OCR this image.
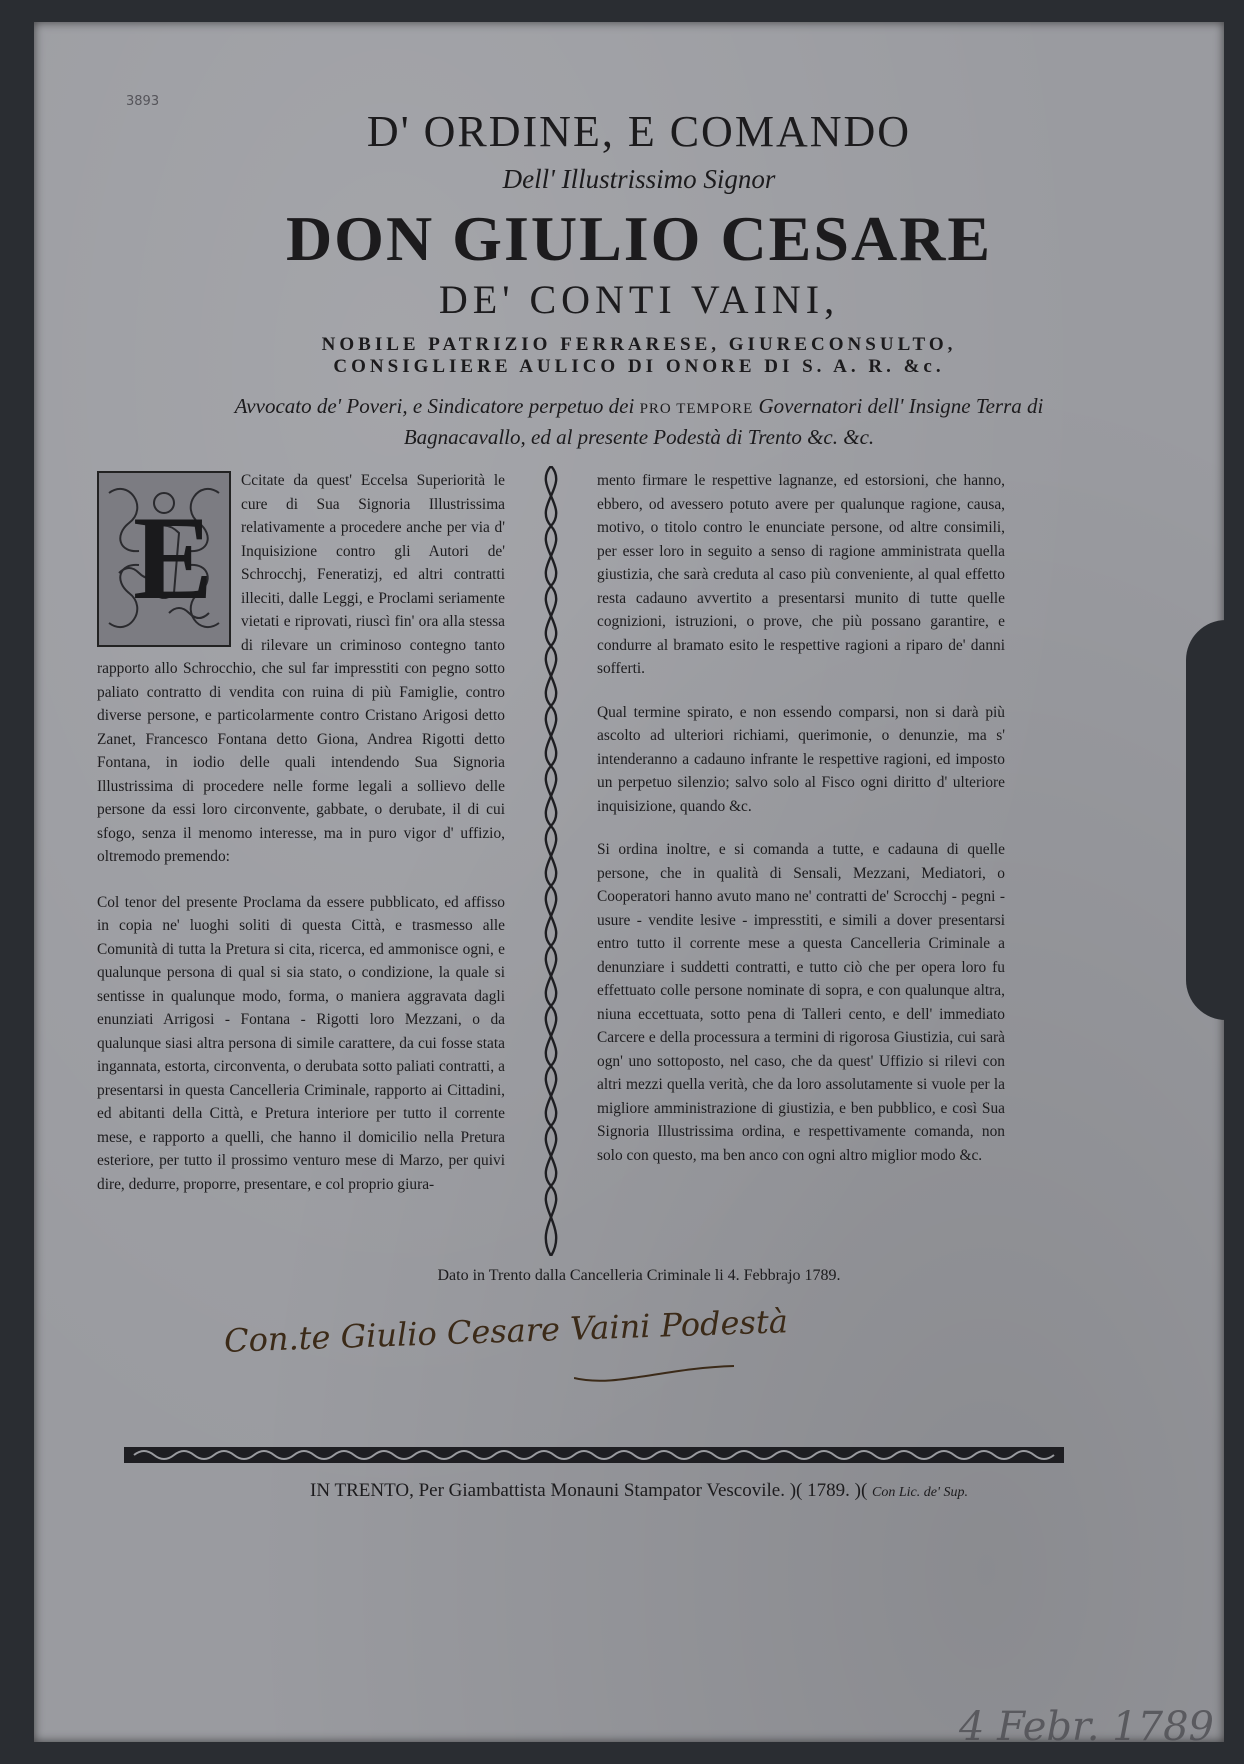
3893
D' ORDINE, E COMANDO
Dell' Illustrissimo Signor
DON GIULIO CESARE
DE' CONTI VAINI,
NOBILE PATRIZIO FERRARESE, GIURECONSULTO,
CONSIGLIERE AULICO DI ONORE DI S. A. R. &c.
Avvocato de' Poveri, e Sindicatore perpetuo dei PRO TEMPORE Governatori dell' Insigne Terra di
Bagnacavallo, ed al presente Podestà di Trento &c. &c.
E

Ccitate da quest' Eccelsa Superiorità le cure di Sua Signoria Illustrissima relativamente a procedere anche per via d' Inquisizione contro gli Autori de' Schrocchj, Feneratizj, ed altri contratti illeciti, dalle Leggi, e Proclami seriamente vietati e riprovati, riuscì fin' ora alla stessa di rilevare un criminoso contegno tanto rapporto allo Schrocchio, che sul far impresstiti con pegno sotto paliato contratto di vendita con ruina di più Famiglie, contro diverse persone, e particolarmente contro Cristano Arigosi detto Zanet, Francesco Fontana detto Giona, Andrea Rigotti detto Fontana, in iodio delle quali intendendo Sua Signoria Illustrissima di procedere nelle forme legali a sollievo delle persone da essi loro circonvente, gabbate, o derubate, il di cui sfogo, senza il menomo interesse, ma in puro vigor d' uffizio, oltremodo premendo:

Col tenor del presente Proclama da essere pubblicato, ed affisso in copia ne' luoghi soliti di questa Città, e trasmesso alle Comunità di tutta la Pretura si cita, ricerca, ed ammonisce ogni, e qualunque persona di qual si sia stato, o condizione, la quale si sentisse in qualunque modo, forma, o maniera aggravata dagli enunziati Arrigosi - Fontana - Rigotti loro Mezzani, o da qualunque siasi altra persona di simile carattere, da cui fosse stata ingannata, estorta, circonventa, o derubata sotto paliati contratti, a presentarsi in questa Cancelleria Criminale, rapporto ai Cittadini, ed abitanti della Città, e Pretura interiore per tutto il corrente mese, e rapporto a quelli, che hanno il domicilio nella Pretura esteriore, per tutto il prossimo venturo mese di Marzo, per quivi dire, dedurre, proporre, presentare, e col proprio giura-

mento firmare le respettive lagnanze, ed estorsioni, che hanno, ebbero, od avessero potuto avere per qualunque ragione, causa, motivo, o titolo contro le enunciate persone, od altre consimili, per esser loro in seguito a senso di ragione amministrata quella giustizia, che sarà creduta al caso più conveniente, al qual effetto resta cadauno avvertito a presentarsi munito di tutte quelle cognizioni, istruzioni, o prove, che più possano garantire, e condurre al bramato esito le respettive ragioni a riparo de' danni sofferti.

Qual termine spirato, e non essendo comparsi, non si darà più ascolto ad ulteriori richiami, querimonie, o denunzie, ma s' intenderanno a cadauno infrante le respettive ragioni, ed imposto un perpetuo silenzio; salvo solo al Fisco ogni diritto d' ulteriore inquisizione, quando &c.

Si ordina inoltre, e si comanda a tutte, e cadauna di quelle persone, che in qualità di Sensali, Mezzani, Mediatori, o Cooperatori hanno avuto mano ne' contratti de' Scrocchj - pegni - usure - vendite lesive - impresstiti, e simili a dover presentarsi entro tutto il corrente mese a questa Cancelleria Criminale a denunziare i suddetti contratti, e tutto ciò che per opera loro fu effettuato colle persone nominate di sopra, e con qualunque altra, niuna eccettuata, sotto pena di Talleri cento, e dell' immediato Carcere e della processura a termini di rigorosa Giustizia, cui sarà ogn' uno sottoposto, nel caso, che da quest' Uffizio si rilevi con altri mezzi quella verità, che da loro assolutamente si vuole per la migliore amministrazione di giustizia, e ben pubblico, e così Sua Signoria Illustrissima ordina, e respettivamente comanda, non solo con questo, ma ben anco con ogni altro miglior modo &c.

Dato in Trento dalla Cancelleria Criminale li 4. Febbrajo 1789.
Con.te Giulio Cesare Vaini Podestà
IN TRENTO, Per Giambattista Monauni Stampator Vescovile. )( 1789. )( Con Lic. de' Sup.
4 Febr. 1789
